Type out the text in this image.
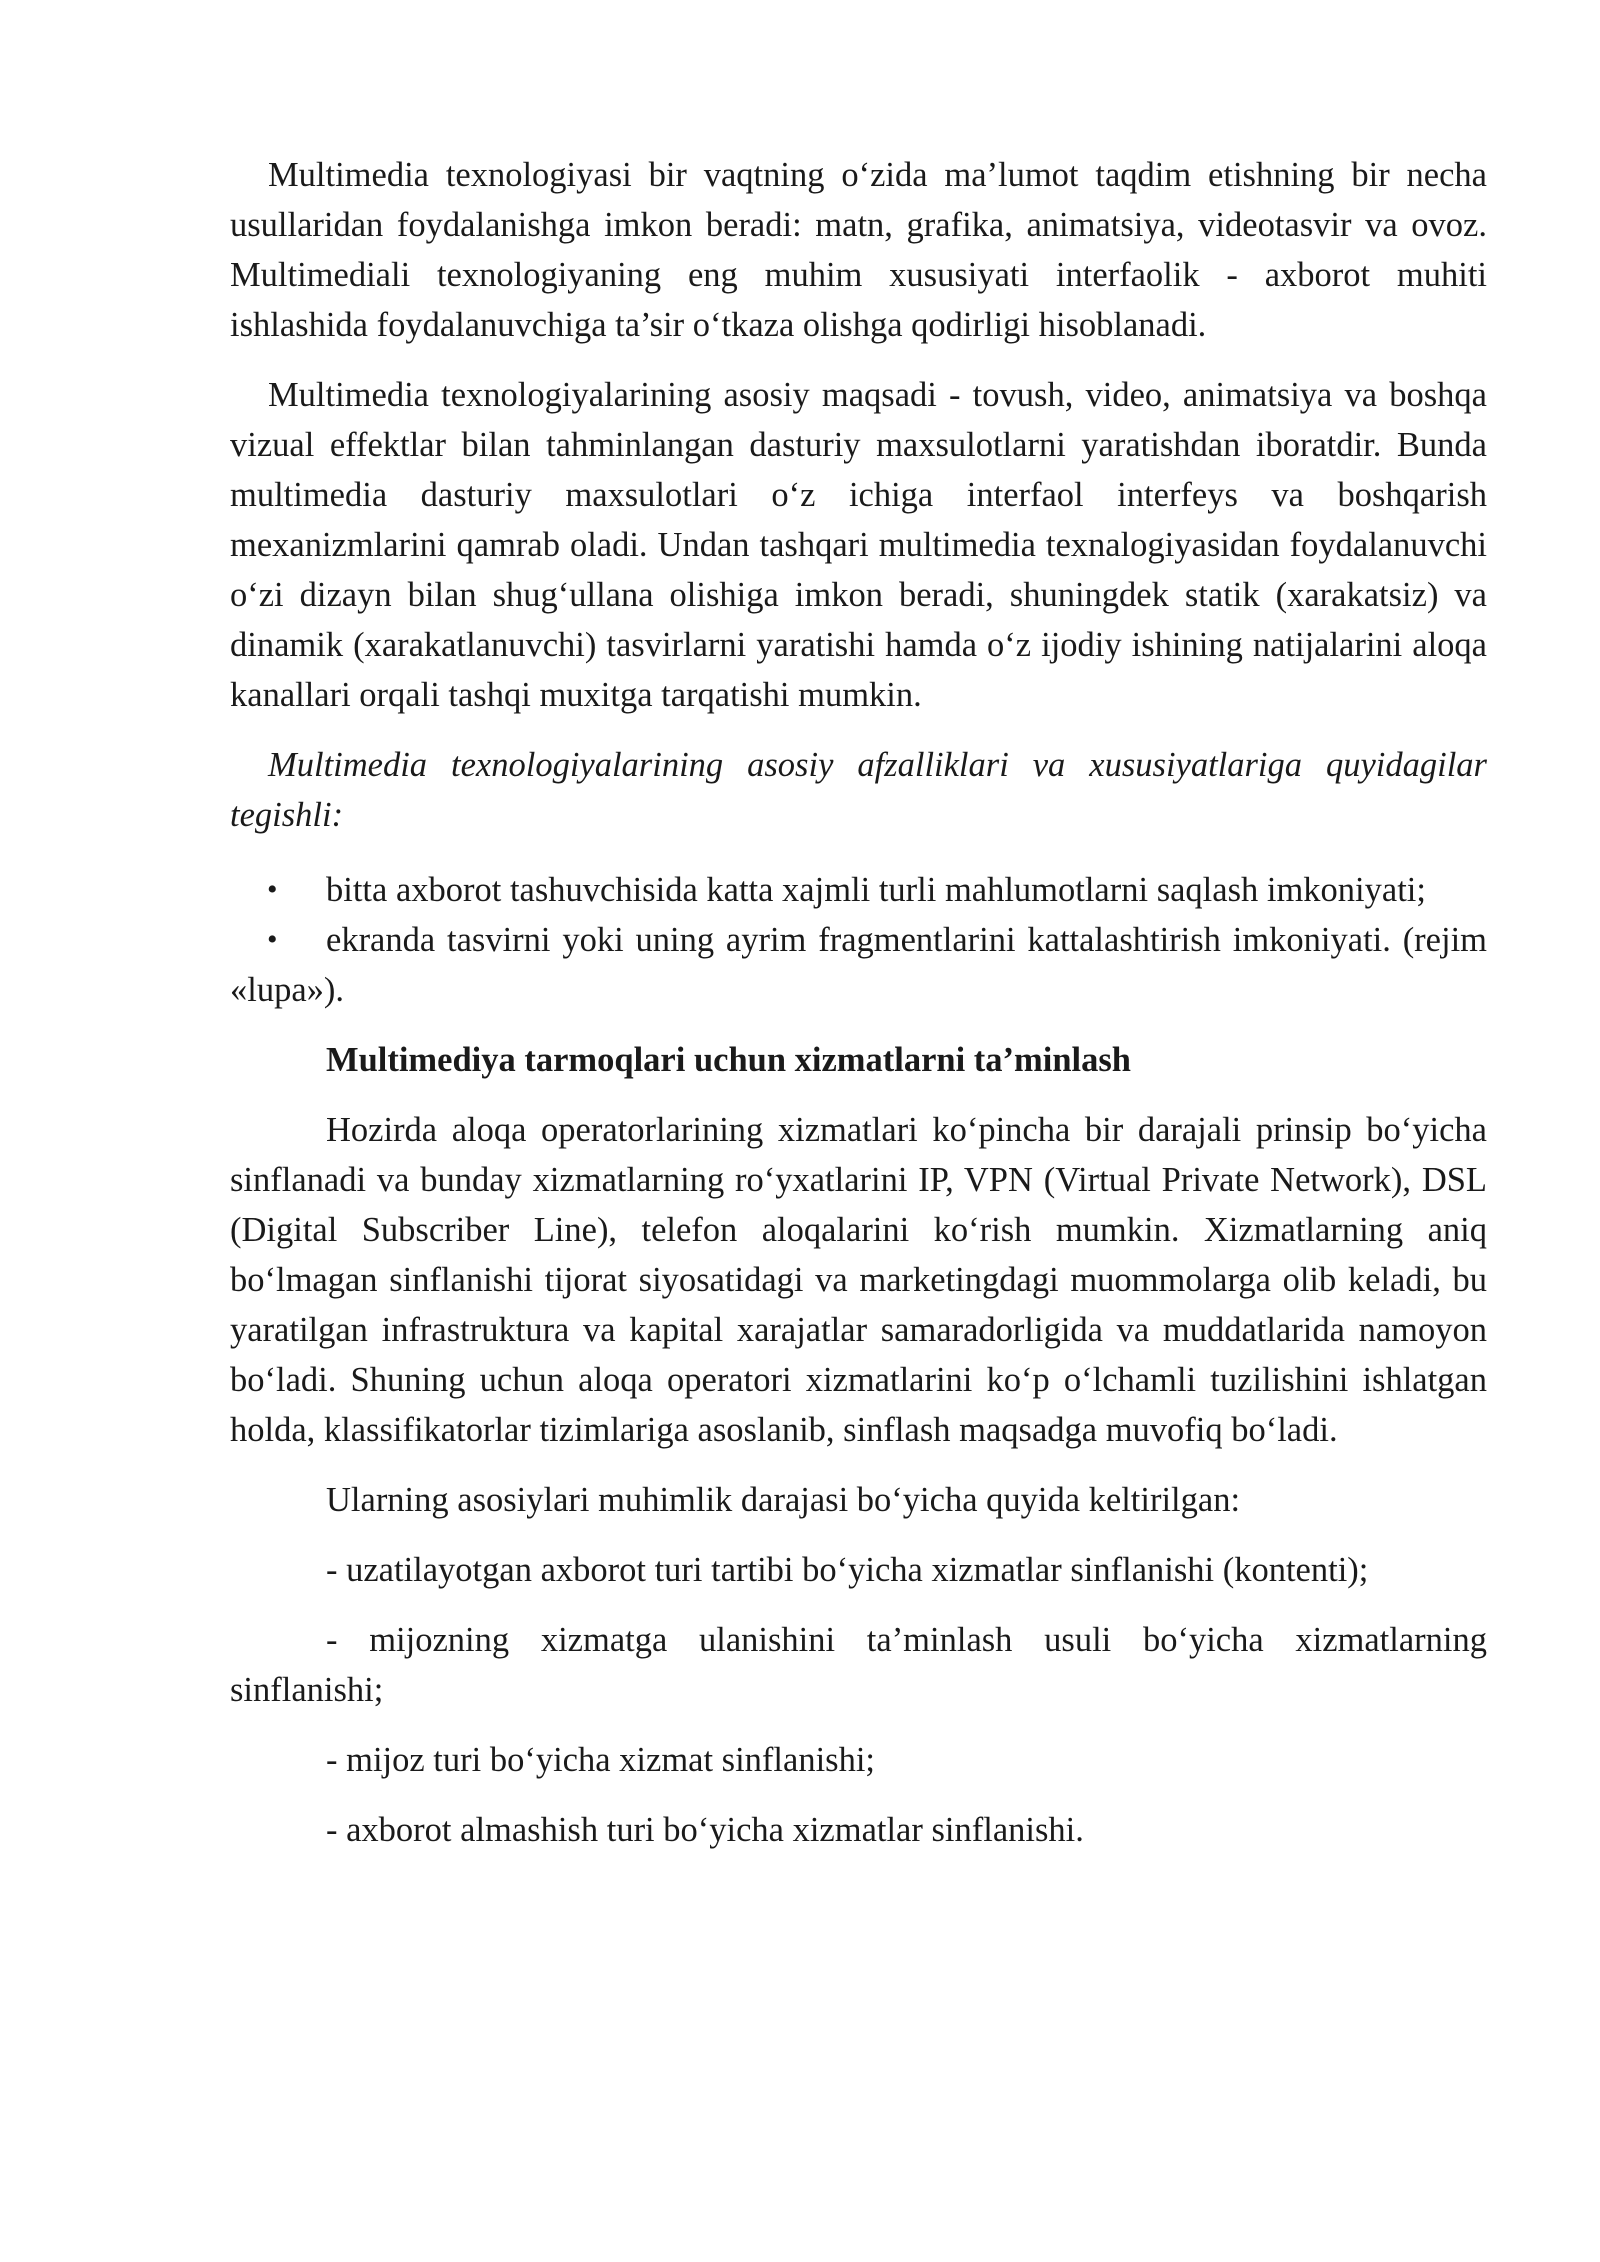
Multimedia texnologiyasi bir vaqtning o‘zida ma’lumot taqdim etishning bir necha usullaridan foydalanishga imkon beradi: matn, grafika, animatsiya, videotasvir va ovoz. Multimediali texnologiyaning eng muhim xususiyati interfaolik - axborot muhiti ishlashida foydalanuvchiga ta’sir o‘tkaza olishga qodirligi hisoblanadi.

Multimedia texnologiyalarining asosiy maqsadi - tovush, video, animatsiya va boshqa vizual effektlar bilan tahminlangan dasturiy maxsulotlarni yaratishdan iboratdir. Bunda multimedia dasturiy maxsulotlari o‘z ichiga interfaol interfeys va boshqarish mexanizmlarini qamrab oladi. Undan tashqari multimedia texnalogiyasidan foydalanuvchi o‘zi dizayn bilan shug‘ullana olishiga imkon beradi, shuningdek statik (xarakatsiz) va dinamik (xarakatlanuvchi) tasvirlarni yaratishi hamda o‘z ijodiy ishining natijalarini aloqa kanallari orqali tashqi muxitga tarqatishi mumkin.

Multimedia texnologiyalarining asosiy afzalliklari va xususiyatlariga quyidagilar tegishli:

• bitta axborot tashuvchisida katta xajmli turli mahlumotlarni saqlash imkoniyati;

• ekranda tasvirni yoki uning ayrim fragmentlarini kattalashtirish imkoniyati. (rejim «lupa»).

Multimediya tarmoqlari uchun xizmatlarni ta’minlash

Hozirda aloqa operatorlarining xizmatlari ko‘pincha bir darajali prinsip bo‘yicha sinflanadi va bunday xizmatlarning ro‘yxatlarini IP, VPN (Virtual Private Network), DSL (Digital Subscriber Line), telefon aloqalarini ko‘rish mumkin. Xizmatlarning aniq bo‘lmagan sinflanishi tijorat siyosatidagi va marketingdagi muommolarga olib keladi, bu yaratilgan infrastruktura va kapital xarajatlar samaradorligida va muddatlarida namoyon bo‘ladi. Shuning uchun aloqa operatori xizmatlarini ko‘p o‘lchamli tuzilishini ishlatgan holda, klassifikatorlar tizimlariga asoslanib, sinflash maqsadga muvofiq bo‘ladi.

Ularning asosiylari muhimlik darajasi bo‘yicha quyida keltirilgan:

- uzatilayotgan axborot turi tartibi bo‘yicha xizmatlar sinflanishi (kontenti);

- mijozning xizmatga ulanishini ta’minlash usuli bo‘yicha xizmatlarning sinflanishi;

- mijoz turi bo‘yicha xizmat sinflanishi;

- axborot almashish turi bo‘yicha xizmatlar sinflanishi.
